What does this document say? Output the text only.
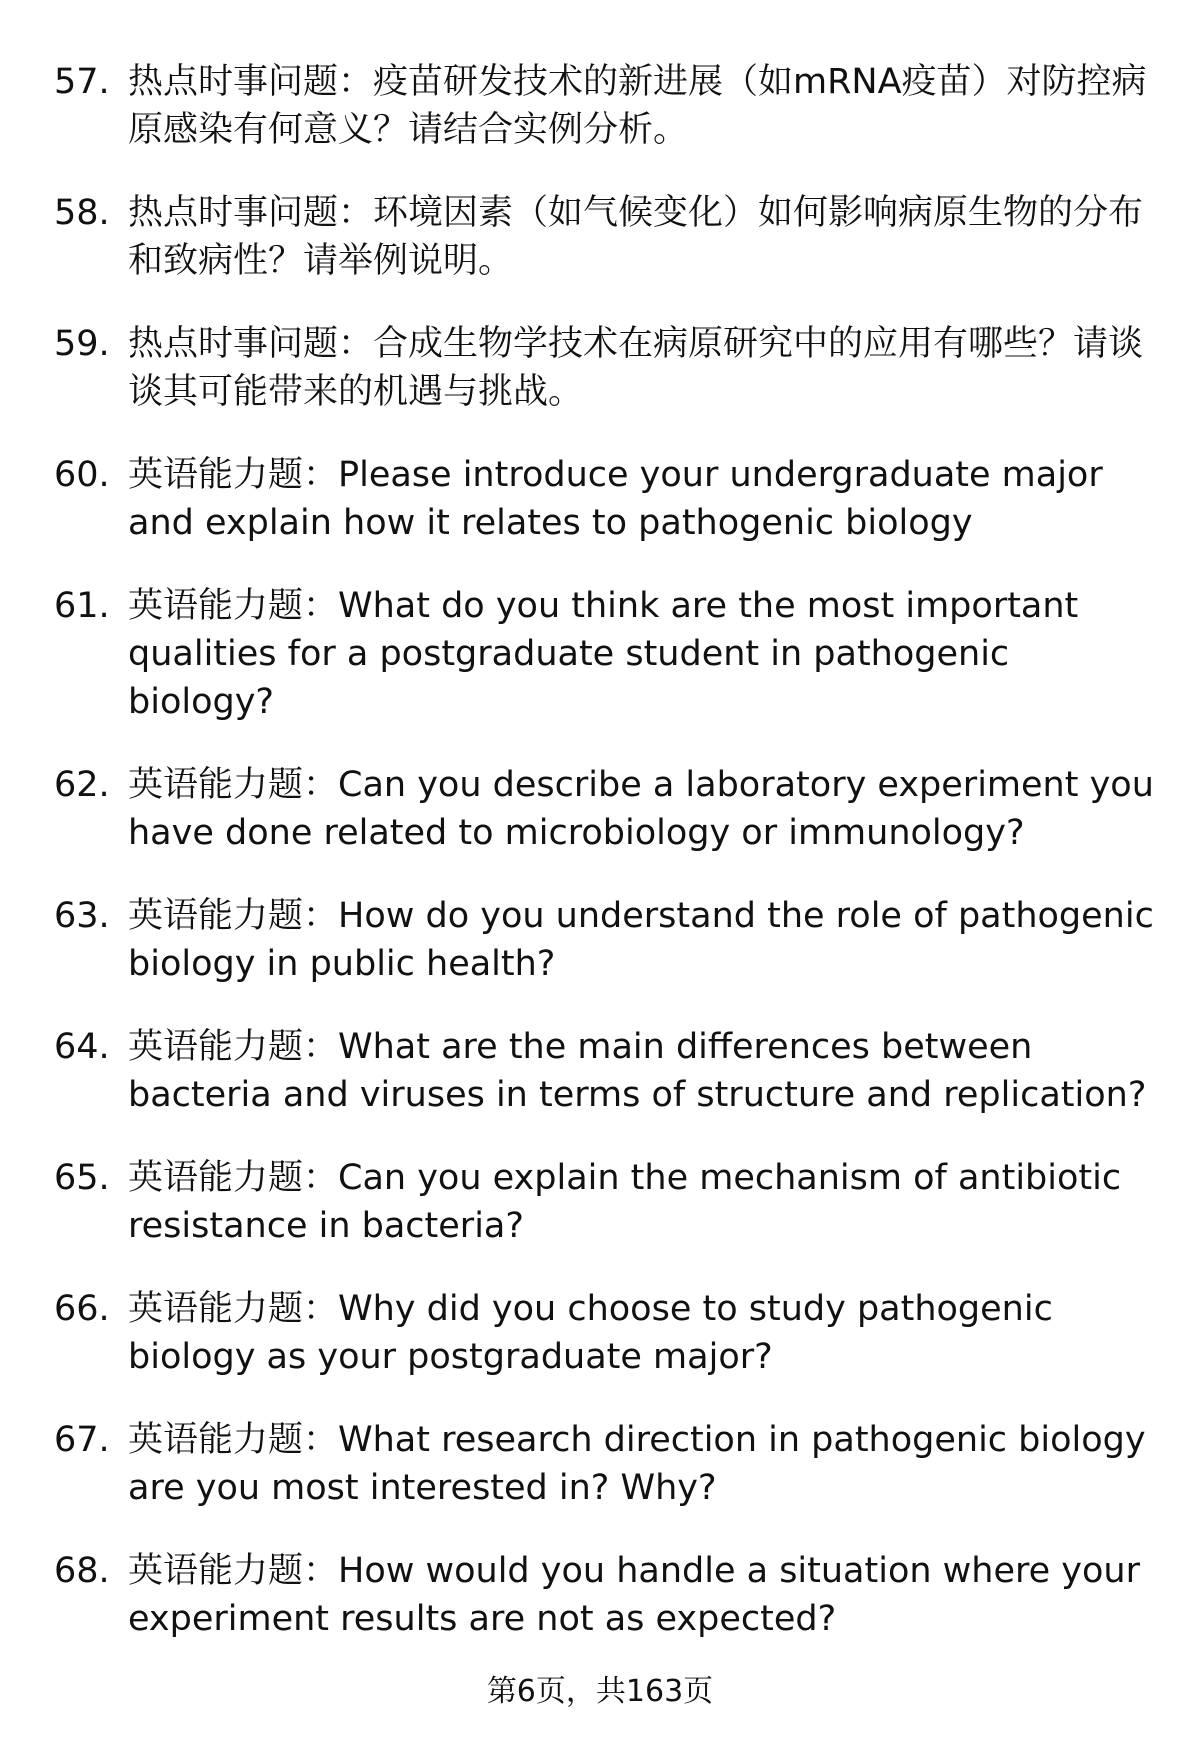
57. 热点时事问题：疫苗研发技术的新进展（如mRNA疫苗）对防控病原感染有何意义？请结合实例分析。
58. 热点时事问题：环境因素（如气候变化）如何影响病原生物的分布和致病性？请举例说明。
59. 热点时事问题：合成生物学技术在病原研究中的应用有哪些？请谈谈其可能带来的机遇与挑战。
60. 英语能力题：Please introduce your undergraduate major and explain how it relates to pathogenic biology
61. 英语能力题：What do you think are the most important qualities for a postgraduate student in pathogenic biology?
62. 英语能力题：Can you describe a laboratory experiment you have done related to microbiology or immunology?
63. 英语能力题：How do you understand the role of pathogenic biology in public health?
64. 英语能力题：What are the main differences between bacteria and viruses in terms of structure and replication?
65. 英语能力题：Can you explain the mechanism of antibiotic resistance in bacteria?
66. 英语能力题：Why did you choose to study pathogenic biology as your postgraduate major?
67. 英语能力题：What research direction in pathogenic biology are you most interested in? Why?
68. 英语能力题：How would you handle a situation where your experiment results are not as expected?
第6页，共163页
